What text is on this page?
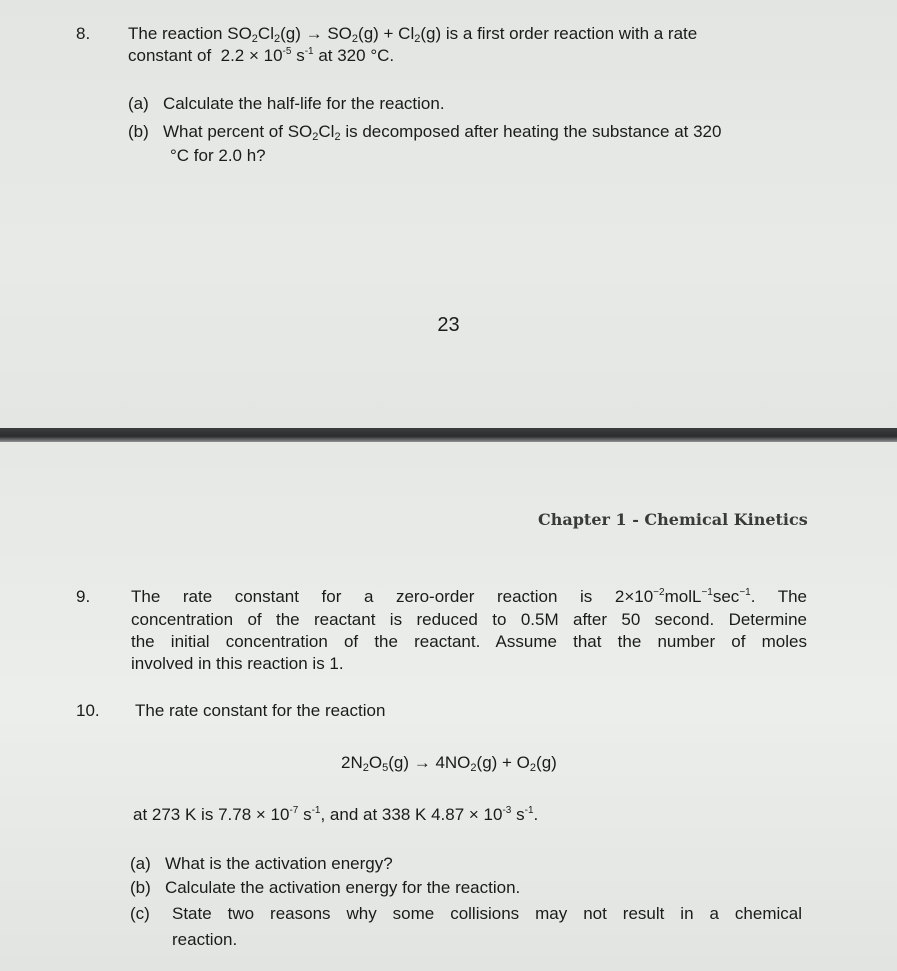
8. The reaction $SO_2Cl_2(g) \to SO_2(g) + Cl_2(g)$ is a first order reaction with a rate
constant of $2.2 \times 10^{-5}$ $s^{-1}$ at 320 °C.
(a) Calculate the half-life for the reaction.
(b) What percent of $SO_2Cl_2$ is decomposed after heating the substance at 320
°C for 2.0 h?
23
Chapter 1 - Chemical Kinetics
9. The rate constant for a zero-order reaction is $2\times 10^{-2}molL^{-1}\sec^{-1}$. The
concentration of the reactant is reduced to 0.5M after 50 second. Determine
the initial concentration of the reactant. Assume that the number of moles
involved in this reaction is 1.
10. The rate constant for the reaction
$2N_2O_5(g) \to 4NO_2(g) + O_2(g)$
at 273 K is $7.78 \times 10^{-7}$ $s^{-1}$, and at 338 K $4.87 \times 10^{-3}$ $s^{-1}$.
(a) What is the activation energy?
(b) Calculate the activation energy for the reaction.
(c) State two reasons why some collisions may not result in a chemical
reaction.
